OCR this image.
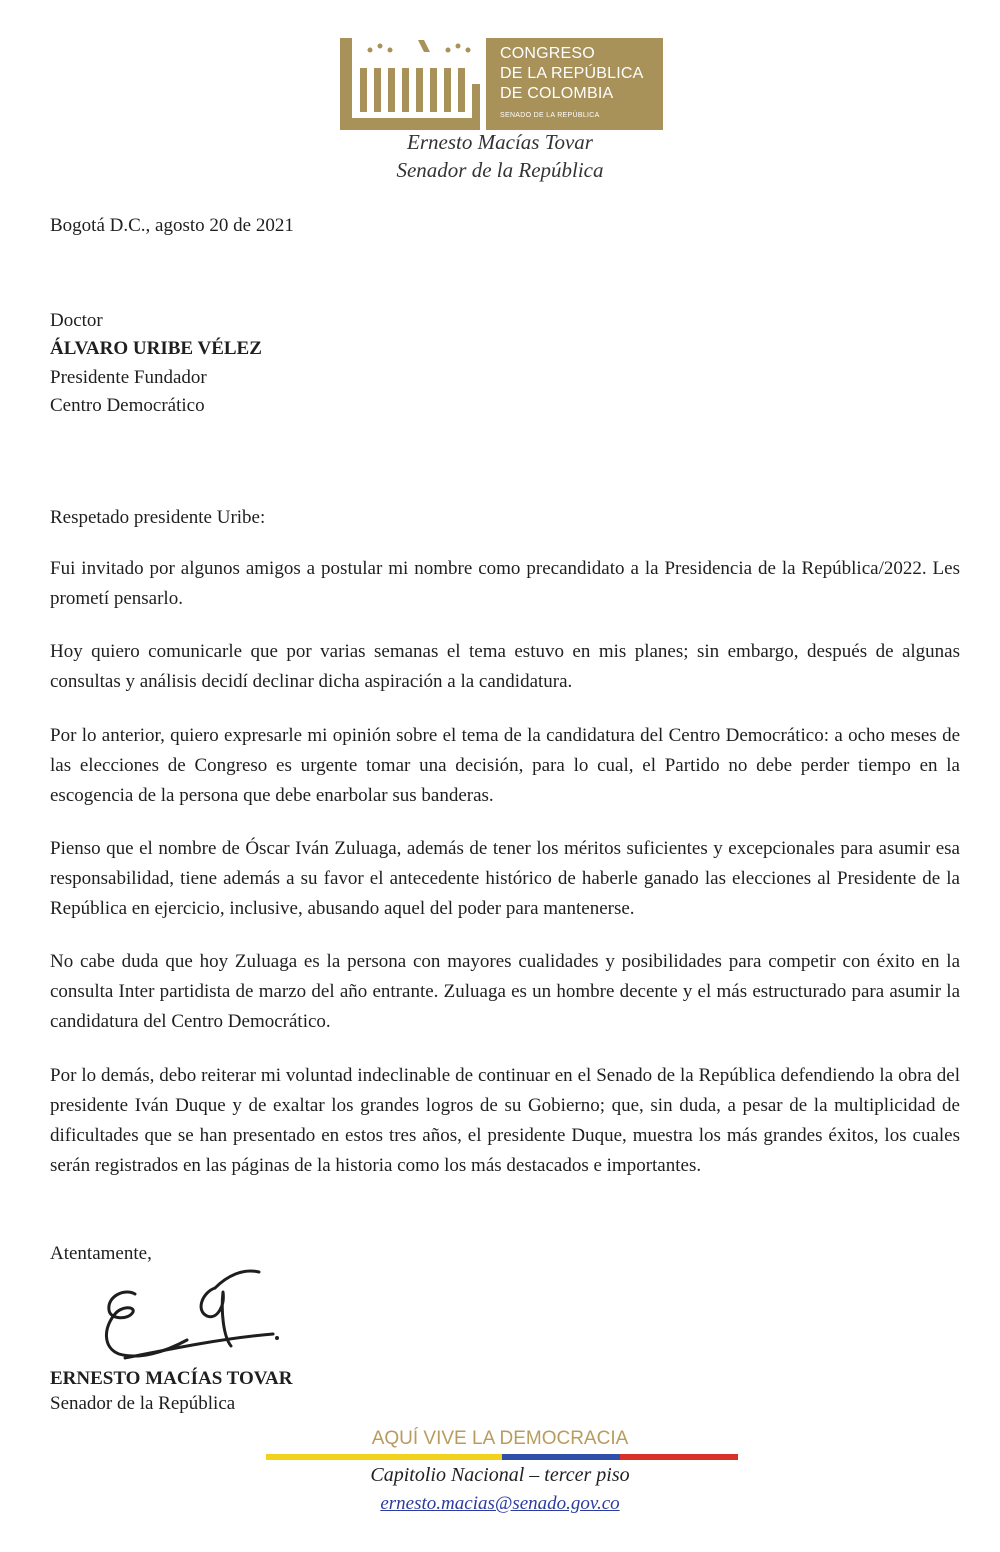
CONGRESO
DE LA REPÚBLICA
DE COLOMBIA
SENADO DE LA REPÚBLICA
Ernesto Macías Tovar
Senador de la República
Bogotá D.C., agosto 20 de 2021
Doctor
ÁLVARO URIBE VÉLEZ
Presidente Fundador
Centro Democrático
Respetado presidente Uribe:
Fui invitado por algunos amigos a postular mi nombre como precandidato a la Presidencia de la República/2022. Les prometí pensarlo.
Hoy quiero comunicarle que por varias semanas el tema estuvo en mis planes; sin embargo, después de algunas consultas y análisis decidí declinar dicha aspiración a la candidatura.
Por lo anterior, quiero expresarle mi opinión sobre el tema de la candidatura del Centro Democrático: a ocho meses de las elecciones de Congreso es urgente tomar una decisión, para lo cual, el Partido no debe perder tiempo en la escogencia de la persona que debe enarbolar sus banderas.
Pienso que el nombre de Óscar Iván Zuluaga, además de tener los méritos suficientes y excepcionales para asumir esa responsabilidad, tiene además a su favor el antecedente histórico de haberle ganado las elecciones al Presidente de la República en ejercicio, inclusive, abusando aquel del poder para mantenerse.
No cabe duda que hoy Zuluaga es la persona con mayores cualidades y posibilidades para competir con éxito en la consulta Inter partidista de marzo del año entrante. Zuluaga es un hombre decente y el más estructurado para asumir la candidatura del Centro Democrático.
Por lo demás, debo reiterar mi voluntad indeclinable de continuar en el Senado de la República defendiendo la obra del presidente Iván Duque y de exaltar los grandes logros de su Gobierno; que, sin duda, a pesar de la multiplicidad de dificultades que se han presentado en estos tres años, el presidente Duque, muestra los más grandes éxitos, los cuales serán registrados en las páginas de la historia como los más destacados e importantes.
Atentamente,
ERNESTO MACÍAS TOVAR
Senador de la República
AQUÍ VIVE LA DEMOCRACIA
Capitolio Nacional – tercer piso
ernesto.macias@senado.gov.co
